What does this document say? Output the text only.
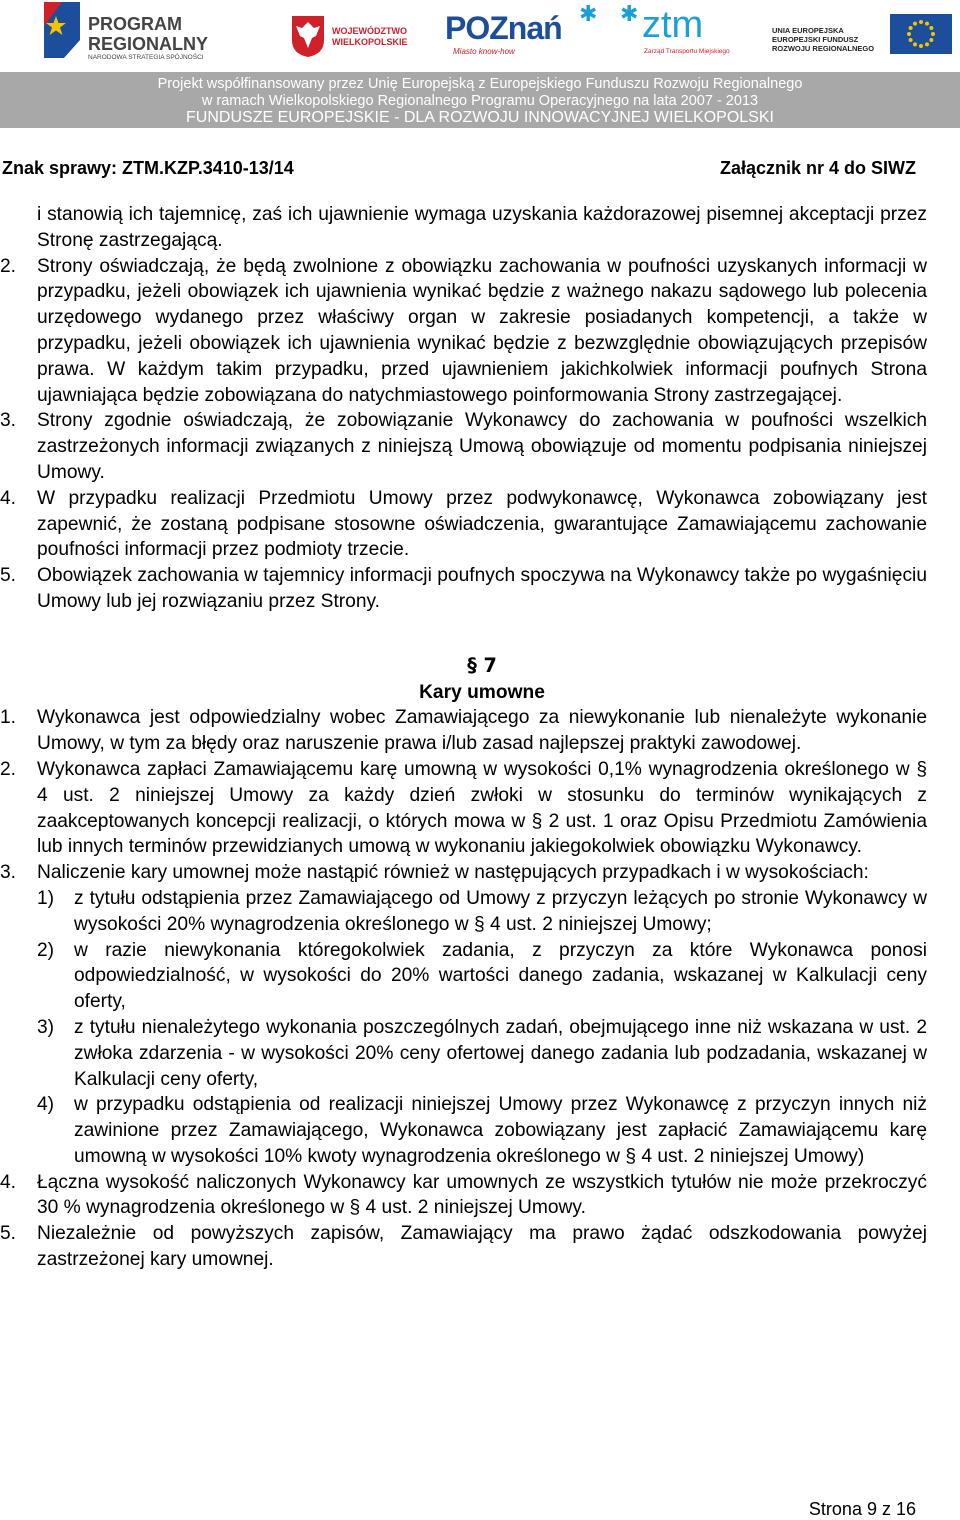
PROGRAM
REGIONALNY
NARODOWA STRATEGIA SPÓJNOŚCI
WOJEWÓDZTWO
WIELKOPOLSKIE POZnań ✱
Miasto know-how
✱ ztm
Zarząd Transportu Miejskiego
UNIA EUROPEJSKA
EUROPEJSKI FUNDUSZ
ROZWOJU REGIONALNEGO
Projekt współfinansowany przez Unię Europejską z Europejskiego Funduszu Rozwoju Regionalnego
w ramach Wielkopolskiego Regionalnego Programu Operacyjnego na lata 2007 - 2013
FUNDUSZE EUROPEJSKIE - DLA ROZWOJU INNOWACYJNEJ WIELKOPOLSKI
Znak sprawy: ZTM.KZP.3410-13/14	Załącznik nr 4 do SIWZ

i stanowią ich tajemnicę, zaś ich ujawnienie wymaga uzyskania każdorazowej pisemnej akceptacji przez Stronę zastrzegającą.

2. Strony oświadczają, że będą zwolnione z obowiązku zachowania w poufności uzyskanych informacji w przypadku, jeżeli obowiązek ich ujawnienia wynikać będzie z ważnego nakazu sądowego lub polecenia urzędowego wydanego przez właściwy organ w zakresie posiadanych kompetencji, a także w przypadku, jeżeli obowiązek ich ujawnienia wynikać będzie z bezwzględnie obowiązujących przepisów prawa. W każdym takim przypadku, przed ujawnieniem jakichkolwiek informacji poufnych Strona ujawniająca będzie zobowiązana do natychmiastowego poinformowania Strony zastrzegającej.
3. Strony zgodnie oświadczają, że zobowiązanie Wykonawcy do zachowania w poufności wszelkich zastrzeżonych informacji związanych z niniejszą Umową obowiązuje od momentu podpisania niniejszej Umowy.
4. W przypadku realizacji Przedmiotu Umowy przez podwykonawcę, Wykonawca zobowiązany jest zapewnić, że zostaną podpisane stosowne oświadczenia, gwarantujące Zamawiającemu zachowanie poufności informacji przez podmioty trzecie.
5. Obowiązek zachowania w tajemnicy informacji poufnych spoczywa na Wykonawcy także po wygaśnięciu Umowy lub jej rozwiązaniu przez Strony.

§ 7

Kary umowne

1. Wykonawca jest odpowiedzialny wobec Zamawiającego za niewykonanie lub nienależyte wykonanie Umowy, w tym za błędy oraz naruszenie prawa i/lub zasad najlepszej praktyki zawodowej.
2. Wykonawca zapłaci Zamawiającemu karę umowną w wysokości 0,1% wynagrodzenia określonego w § 4 ust. 2 niniejszej Umowy za każdy dzień zwłoki w stosunku do terminów wynikających z zaakceptowanych koncepcji realizacji, o których mowa w § 2 ust. 1 oraz Opisu Przedmiotu Zamówienia lub innych terminów przewidzianych umową w wykonaniu jakiegokolwiek obowiązku Wykonawcy.
3. Naliczenie kary umownej może nastąpić również w następujących przypadkach i w wysokościach:
1) z tytułu odstąpienia przez Zamawiającego od Umowy z przyczyn leżących po stronie Wykonawcy w wysokości 20% wynagrodzenia określonego w § 4 ust. 2 niniejszej Umowy;
2) w razie niewykonania któregokolwiek zadania, z przyczyn za które Wykonawca ponosi odpowiedzialność, w wysokości do 20% wartości danego zadania, wskazanej w Kalkulacji ceny oferty,
3) z tytułu nienależytego wykonania poszczególnych zadań, obejmującego inne niż wskazana w ust. 2 zwłoka zdarzenia - w wysokości 20% ceny ofertowej danego zadania lub podzadania, wskazanej w Kalkulacji ceny oferty,
4) w przypadku odstąpienia od realizacji niniejszej Umowy przez Wykonawcę z przyczyn innych niż zawinione przez Zamawiającego, Wykonawca zobowiązany jest zapłacić Zamawiającemu karę umowną w wysokości 10% kwoty wynagrodzenia określonego w § 4 ust. 2 niniejszej Umowy)
4. Łączna wysokość naliczonych Wykonawcy kar umownych ze wszystkich tytułów nie może przekroczyć 30 % wynagrodzenia określonego w § 4 ust. 2 niniejszej Umowy.
5. Niezależnie od powyższych zapisów, Zamawiający ma prawo żądać odszkodowania powyżej zastrzeżonej kary umownej.
Strona 9 z 16
